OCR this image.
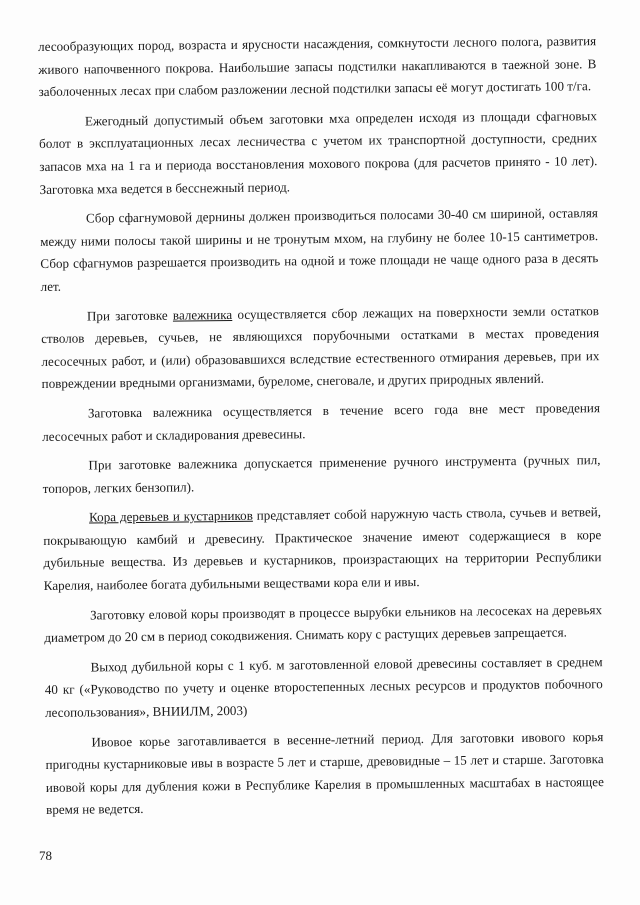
лесообразующих пород, возраста и ярусности насаждения, сомкнутости лесного полога, развития живого напочвенного покрова. Наибольшие запасы подстилки накапливаются в таежной зоне. В заболоченных лесах при слабом разложении лесной подстилки запасы её могут достигать 100 т/га.

Ежегодный допустимый объем заготовки мха определен исходя из площади сфагновых болот в эксплуатационных лесах лесничества с учетом их транспортной доступности, средних запасов мха на 1 га и периода восстановления мохового покрова (для расчетов принято - 10 лет). Заготовка мха ведется в бесснежный период.

Сбор сфагнумовой дернины должен производиться полосами 30-40 см шириной, оставляя между ними полосы такой ширины и не тронутым мхом, на глубину не более 10-15 сантиметров. Сбор сфагнумов разрешается производить на одной и тоже площади не чаще одного раза в десять лет.

При заготовке валежника осуществляется сбор лежащих на поверхности земли остатков стволов деревьев, сучьев, не являющихся порубочными остатками в местах проведения лесосечных работ, и (или) образовавшихся вследствие естественного отмирания деревьев, при их повреждении вредными организмами, буреломе, снеговале, и других природных явлений.

Заготовка валежника осуществляется в течение всего года вне мест проведения лесосечных работ и складирования древесины.

При заготовке валежника допускается применение ручного инструмента (ручных пил, топоров, легких бензопил).

Кора деревьев и кустарников представляет собой наружную часть ствола, сучьев и ветвей, покрывающую камбий и древесину. Практическое значение имеют содержащиеся в коре дубильные вещества. Из деревьев и кустарников, произрастающих на территории Республики Карелия, наиболее богата дубильными веществами кора ели и ивы.

Заготовку еловой коры производят в процессе вырубки ельников на лесосеках на деревьях диаметром до 20 см в период сокодвижения. Снимать кору с растущих деревьев запрещается.

Выход дубильной коры с 1 куб. м заготовленной еловой древесины составляет в среднем 40 кг («Руководство по учету и оценке второстепенных лесных ресурсов и продуктов побочного лесопользования», ВНИИЛМ, 2003)

Ивовое корье заготавливается в весенне-летний период. Для заготовки ивового корья пригодны кустарниковые ивы в возрасте 5 лет и старше, древовидные – 15 лет и старше. Заготовка ивовой коры для дубления кожи в Республике Карелия в промышленных масштабах в настоящее время не ведется.

78
